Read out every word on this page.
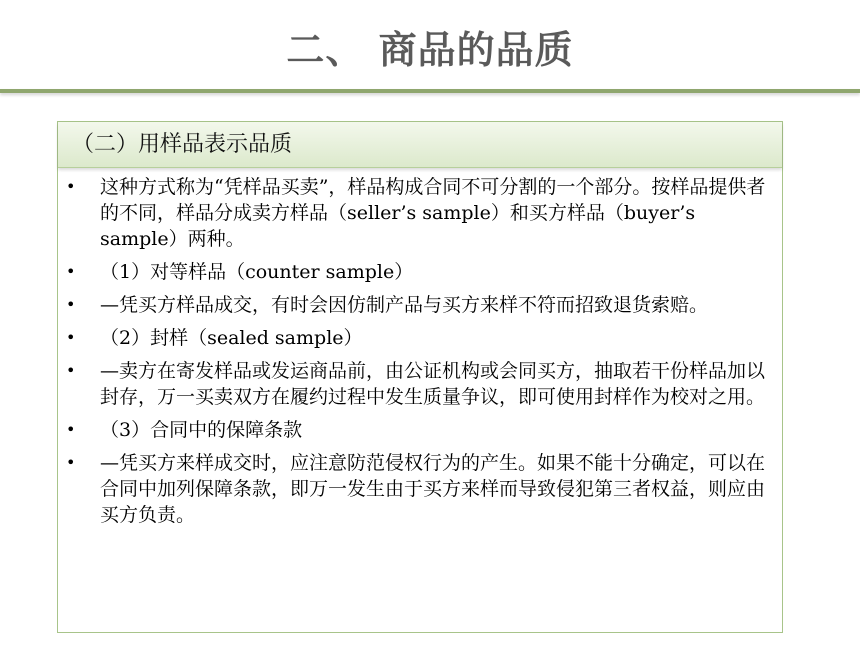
二、 商品的品质
（二）用样品表示品质
• 这种方式称为“凭样品买卖”，样品构成合同不可分割的一个部分。按样品提供者的不同，样品分成卖方样品（seller’s sample）和买方样品（buyer’s sample）两种。
• （1）对等样品（counter sample）
• —凭买方样品成交，有时会因仿制产品与买方来样不符而招致退货索赔。
• （2）封样（sealed sample）
• —卖方在寄发样品或发运商品前，由公证机构或会同买方，抽取若干份样品加以封存，万一买卖双方在履约过程中发生质量争议，即可使用封样作为校对之用。
• （3）合同中的保障条款
• —凭买方来样成交时，应注意防范侵权行为的产生。如果不能十分确定，可以在合同中加列保障条款，即万一发生由于买方来样而导致侵犯第三者权益，则应由买方负责。
